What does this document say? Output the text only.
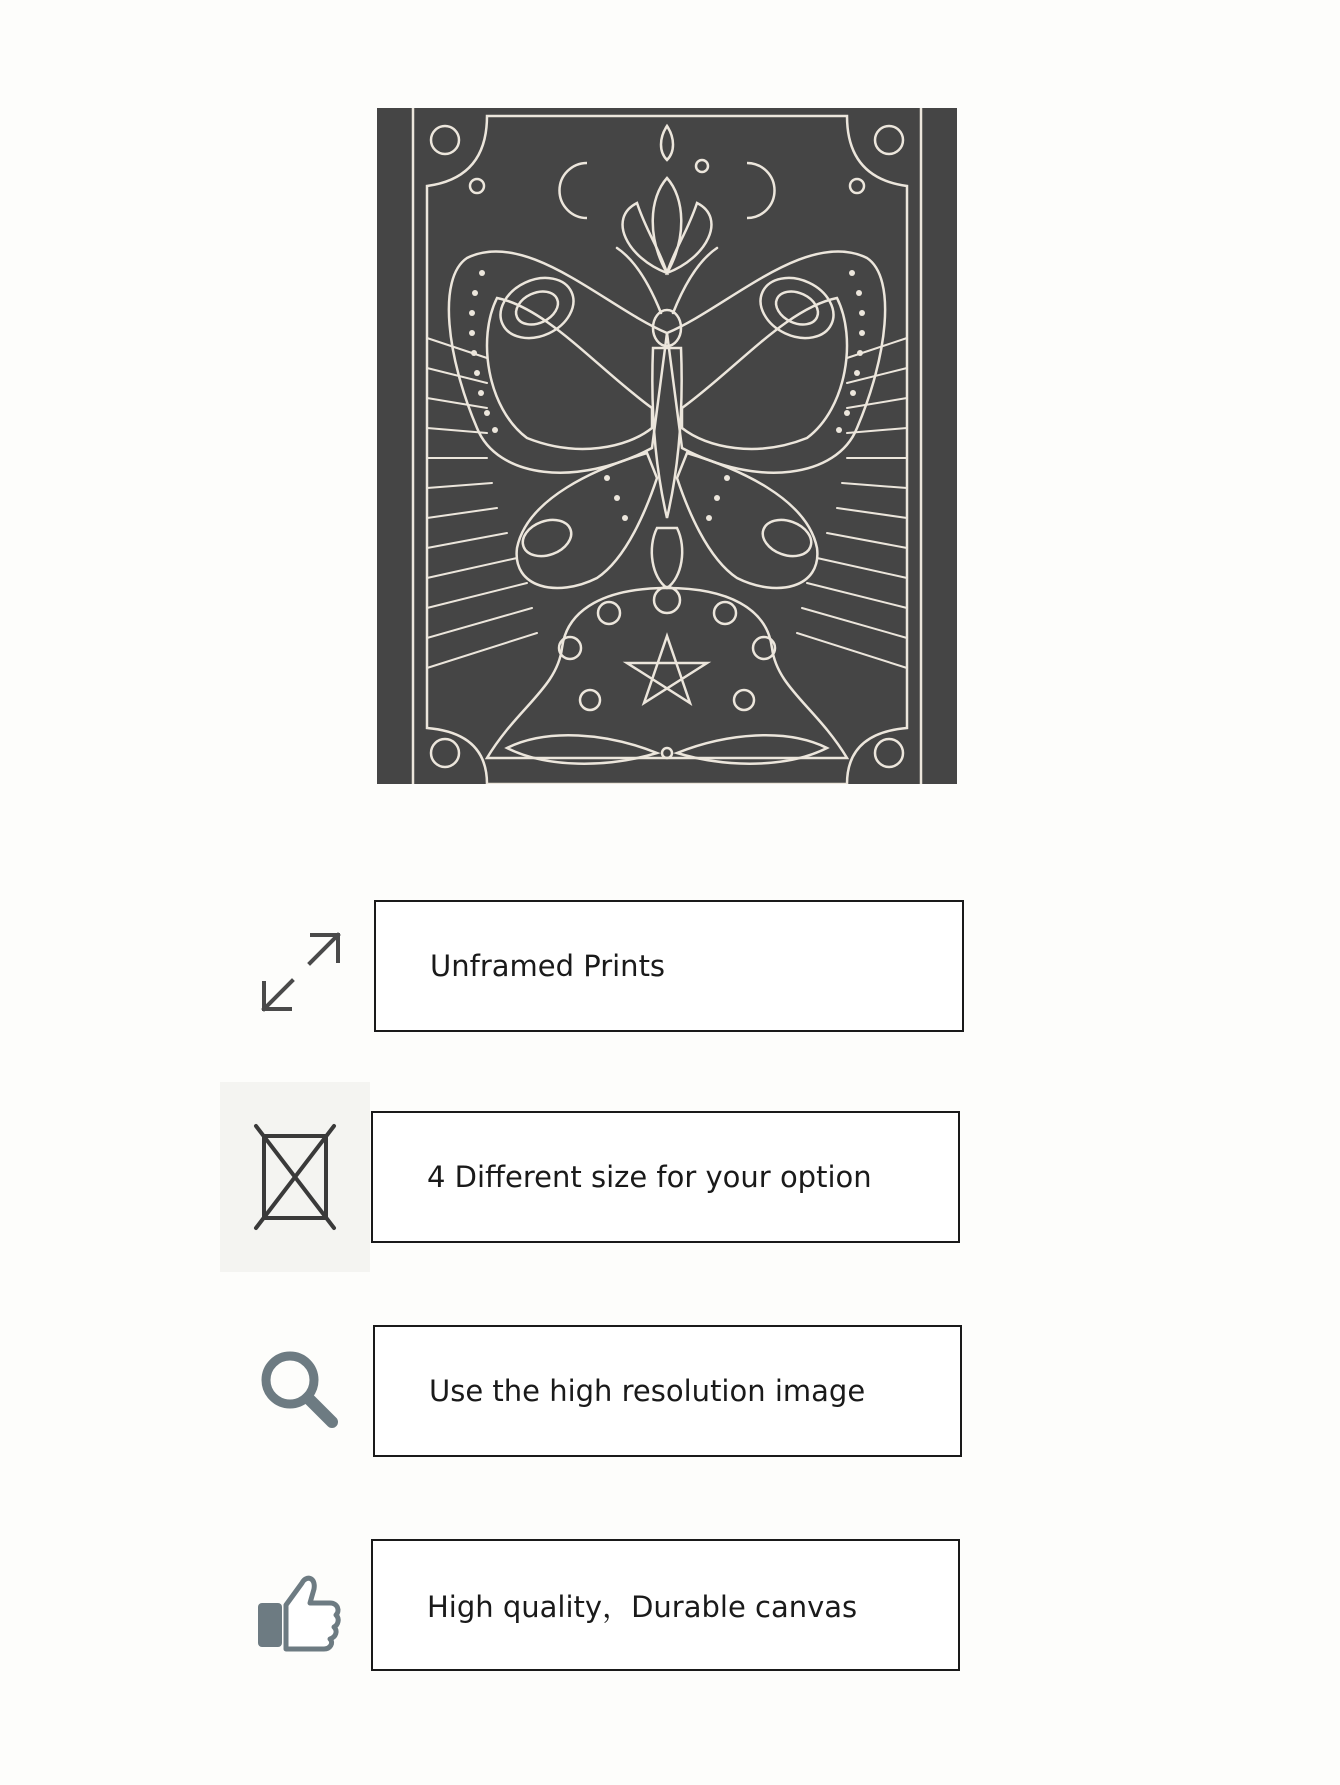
Unframed Prints
4 Different size for your option
Use the high resolution image
High quality，Durable canvas
